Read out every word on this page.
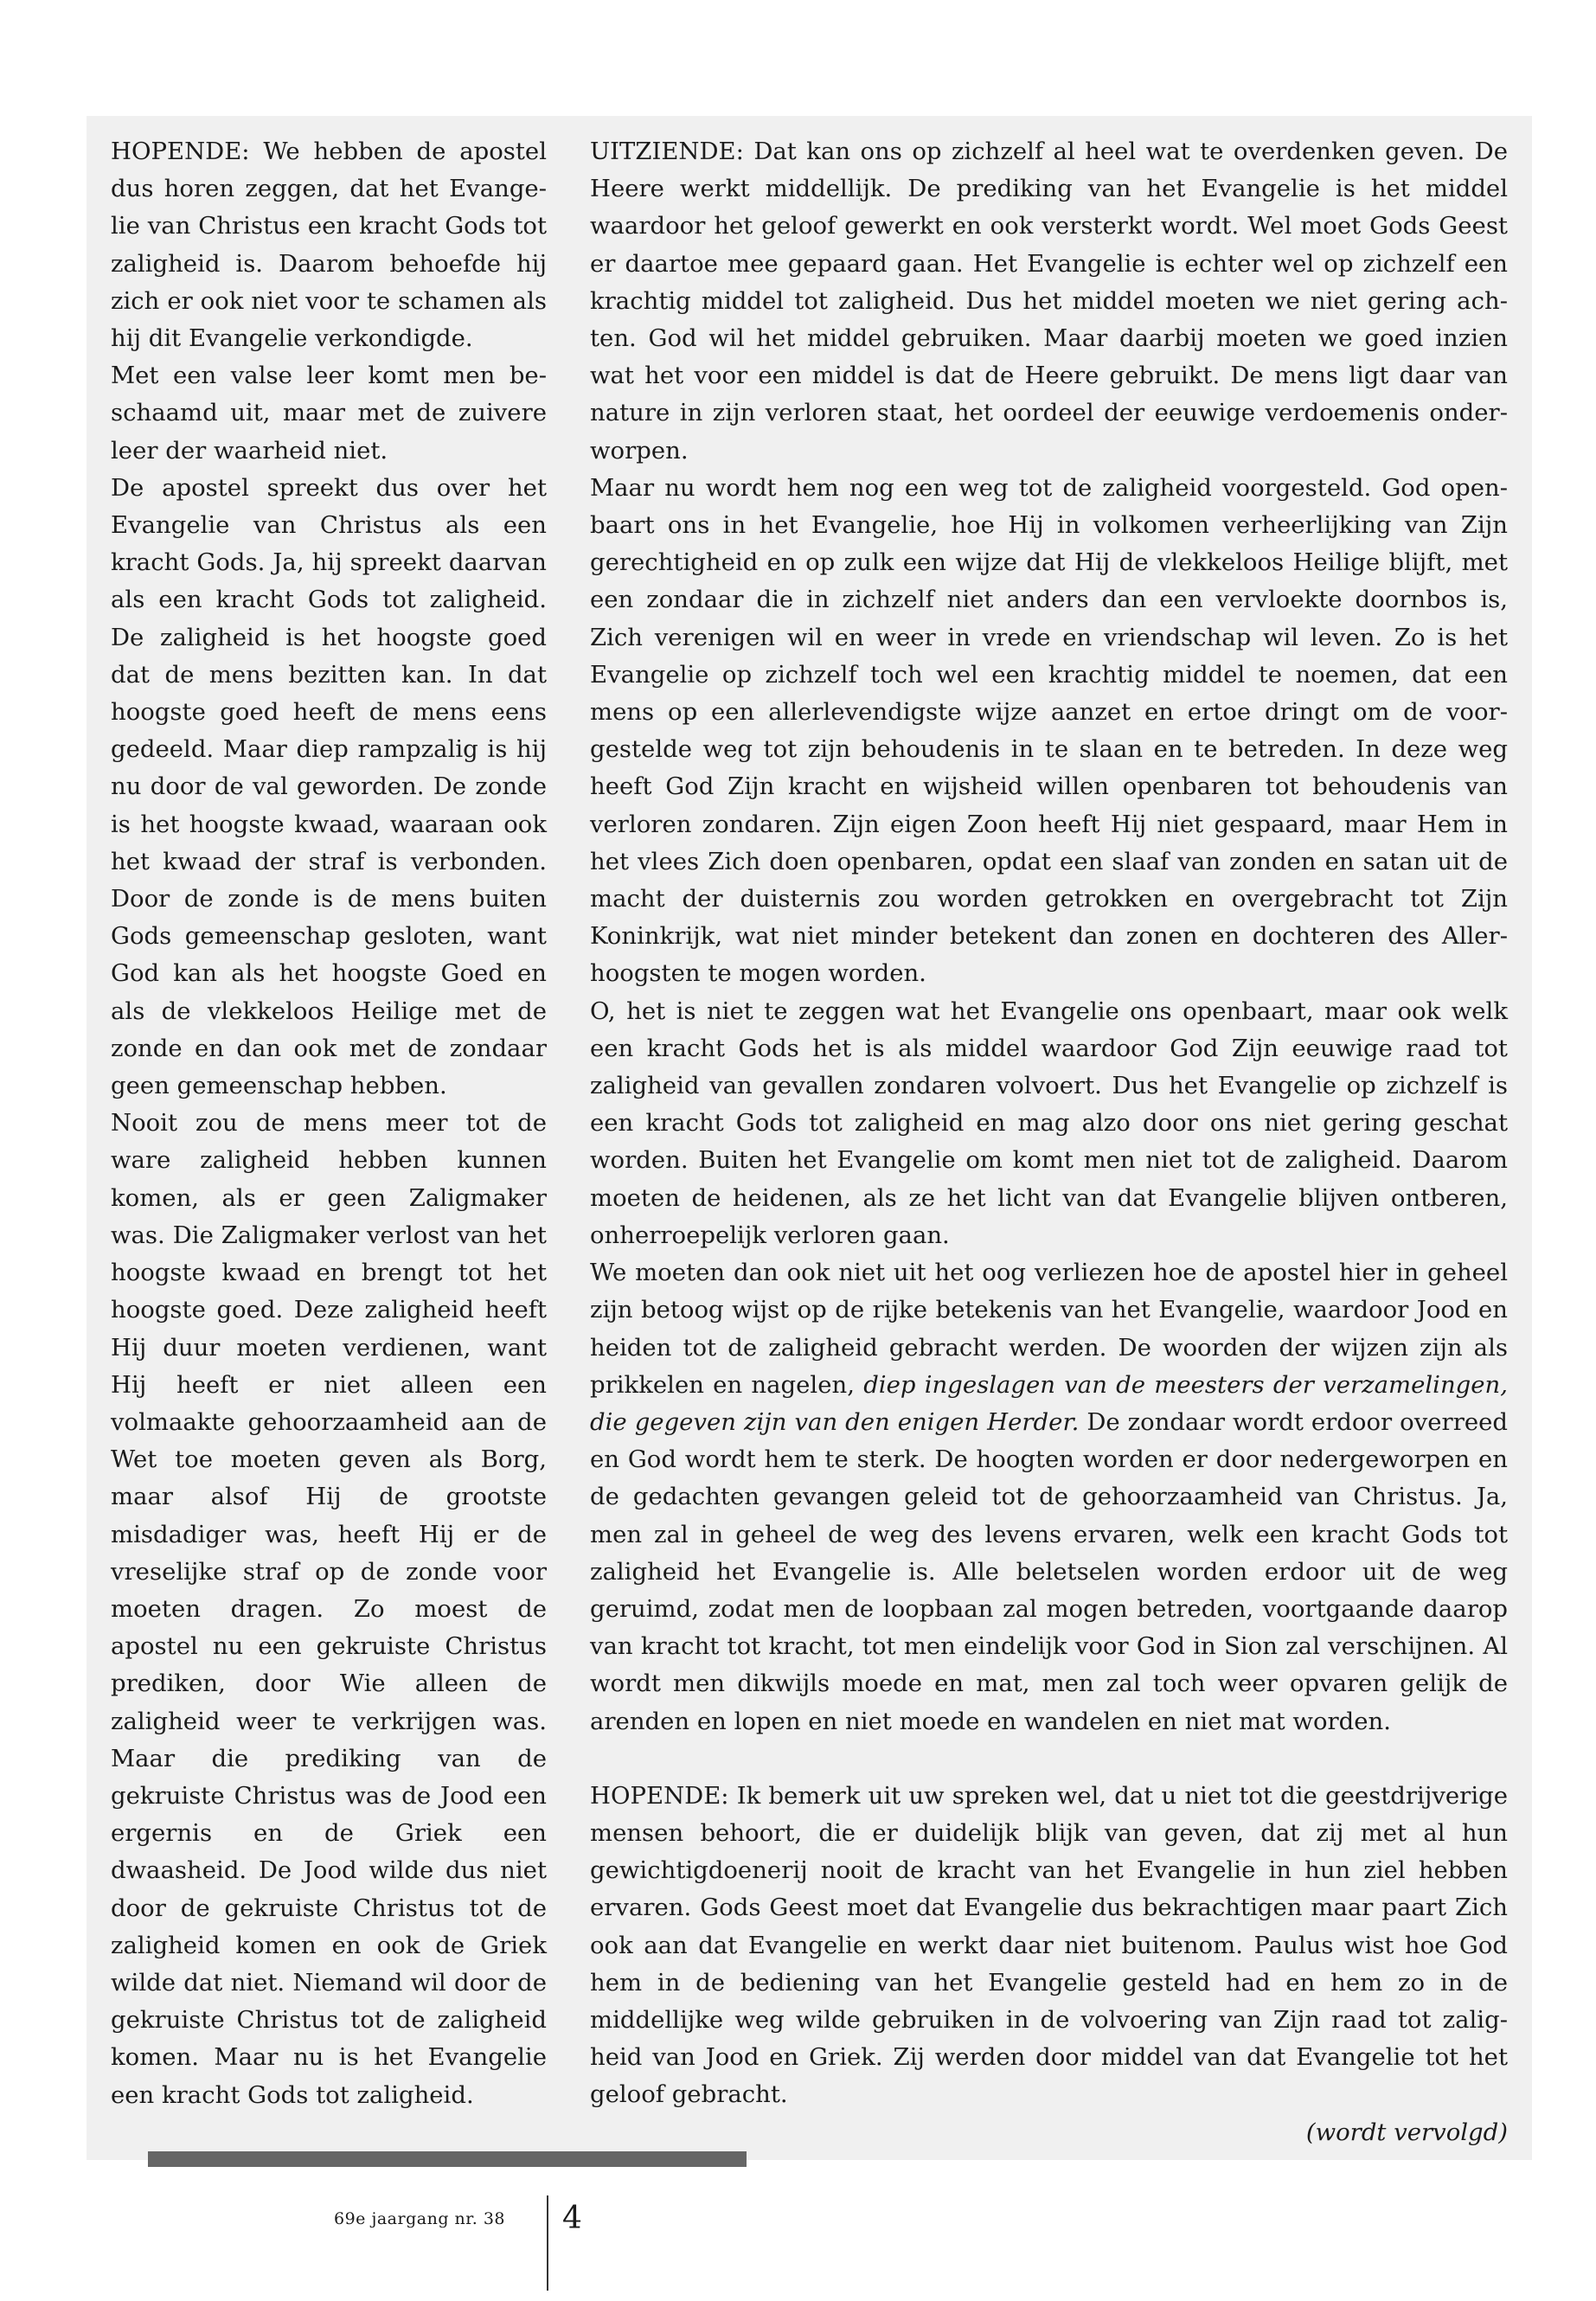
HOPENDE: We hebben de apostel dus horen zeggen, dat het Evangelie van Christus een kracht Gods tot zaligheid is. Daarom behoefde hij zich er ook niet voor te schamen als hij dit Evangelie verkondigde.

Met een valse leer komt men beschaamd uit, maar met de zuivere leer der waarheid niet.

De apostel spreekt dus over het Evangelie van Christus als een kracht Gods. Ja, hij spreekt daarvan als een kracht Gods tot zaligheid. De zaligheid is het hoogste goed dat de mens bezitten kan. In dat hoogste goed heeft de mens eens gedeeld. Maar diep rampzalig is hij nu door de val geworden. De zonde is het hoogste kwaad, waaraan ook het kwaad der straf is verbonden. Door de zonde is de mens buiten Gods gemeenschap gesloten, want God kan als het hoogste Goed en als de vlekkeloos Heilige met de zonde en dan ook met de zondaar geen gemeenschap hebben.

Nooit zou de mens meer tot de ware zaligheid hebben kunnen komen, als er geen Zaligmaker was. Die Zaligmaker verlost van het hoogste kwaad en brengt tot het hoogste goed. Deze zaligheid heeft Hij duur moeten verdienen, want Hij heeft er niet alleen een volmaakte gehoorzaamheid aan de Wet toe moeten geven als Borg, maar alsof Hij de grootste misdadiger was, heeft Hij er de vreselijke straf op de zonde voor moeten dragen. Zo moest de apostel nu een gekruiste Christus prediken, door Wie alleen de zaligheid weer te verkrijgen was. Maar die prediking van de gekruiste Christus was de Jood een ergernis en de Griek een dwaasheid. De Jood wilde dus niet door de gekruiste Christus tot de zaligheid komen en ook de Griek wilde dat niet. Niemand wil door de gekruiste Christus tot de zaligheid komen. Maar nu is het Evangelie een kracht Gods tot zaligheid.

UITZIENDE: Dat kan ons op zichzelf al heel wat te overdenken geven. De Heere werkt middellijk. De prediking van het Evangelie is het middel waardoor het geloof gewerkt en ook versterkt wordt. Wel moet Gods Geest er daartoe mee gepaard gaan. Het Evangelie is echter wel op zichzelf een krachtig middel tot zaligheid. Dus het middel moeten we niet gering achten. God wil het middel gebruiken. Maar daarbij moeten we goed inzien wat het voor een middel is dat de Heere gebruikt. De mens ligt daar van nature in zijn verloren staat, het oordeel der eeuwige verdoemenis onderworpen.

Maar nu wordt hem nog een weg tot de zaligheid voorgesteld. God openbaart ons in het Evangelie, hoe Hij in volkomen verheerlijking van Zijn gerechtigheid en op zulk een wijze dat Hij de vlekkeloos Heilige blijft, met een zondaar die in zichzelf niet anders dan een vervloekte doornbos is, Zich verenigen wil en weer in vrede en vriendschap wil leven. Zo is het Evangelie op zichzelf toch wel een krachtig middel te noemen, dat een mens op een allerlevendigste wijze aanzet en ertoe dringt om de voorgestelde weg tot zijn behoudenis in te slaan en te betreden. In deze weg heeft God Zijn kracht en wijsheid willen openbaren tot behoudenis van verloren zondaren. Zijn eigen Zoon heeft Hij niet gespaard, maar Hem in het vlees Zich doen openbaren, opdat een slaaf van zonden en satan uit de macht der duisternis zou worden getrokken en overgebracht tot Zijn Koninkrijk, wat niet minder betekent dan zonen en dochteren des Allerhoogsten te mogen worden.

O, het is niet te zeggen wat het Evangelie ons openbaart, maar ook welk een kracht Gods het is als middel waardoor God Zijn eeuwige raad tot zaligheid van gevallen zondaren volvoert. Dus het Evangelie op zichzelf is een kracht Gods tot zaligheid en mag alzo door ons niet gering geschat worden. Buiten het Evangelie om komt men niet tot de zaligheid. Daarom moeten de heidenen, als ze het licht van dat Evangelie blijven ontberen, onherroepelijk verloren gaan.

We moeten dan ook niet uit het oog verliezen hoe de apostel hier in geheel zijn betoog wijst op de rijke betekenis van het Evangelie, waardoor Jood en heiden tot de zaligheid gebracht werden. De woorden der wijzen zijn als prikkelen en nagelen, diep ingeslagen van de meesters der verzamelingen, die gegeven zijn van den enigen Herder. De zondaar wordt erdoor overreed en God wordt hem te sterk. De hoogten worden er door nedergeworpen en de gedachten gevangen geleid tot de gehoorzaamheid van Christus. Ja, men zal in geheel de weg des levens ervaren, welk een kracht Gods tot zaligheid het Evangelie is. Alle beletselen worden erdoor uit de weg geruimd, zodat men de loopbaan zal mogen betreden, voortgaande daarop van kracht tot kracht, tot men eindelijk voor God in Sion zal verschijnen. Al wordt men dikwijls moede en mat, men zal toch weer opvaren gelijk de arenden en lopen en niet moede en wandelen en niet mat worden.

HOPENDE: Ik bemerk uit uw spreken wel, dat u niet tot die geestdrijverige mensen behoort, die er duidelijk blijk van geven, dat zij met al hun gewichtigdoenerij nooit de kracht van het Evangelie in hun ziel hebben ervaren. Gods Geest moet dat Evangelie dus bekrachtigen maar paart Zich ook aan dat Evangelie en werkt daar niet buitenom. Paulus wist hoe God hem in de bediening van het Evangelie gesteld had en hem zo in de middellijke weg wilde gebruiken in de volvoering van Zijn raad tot zaligheid van Jood en Griek. Zij werden door middel van dat Evangelie tot het geloof gebracht.

(wordt vervolgd)

69e jaargang nr. 38 4
